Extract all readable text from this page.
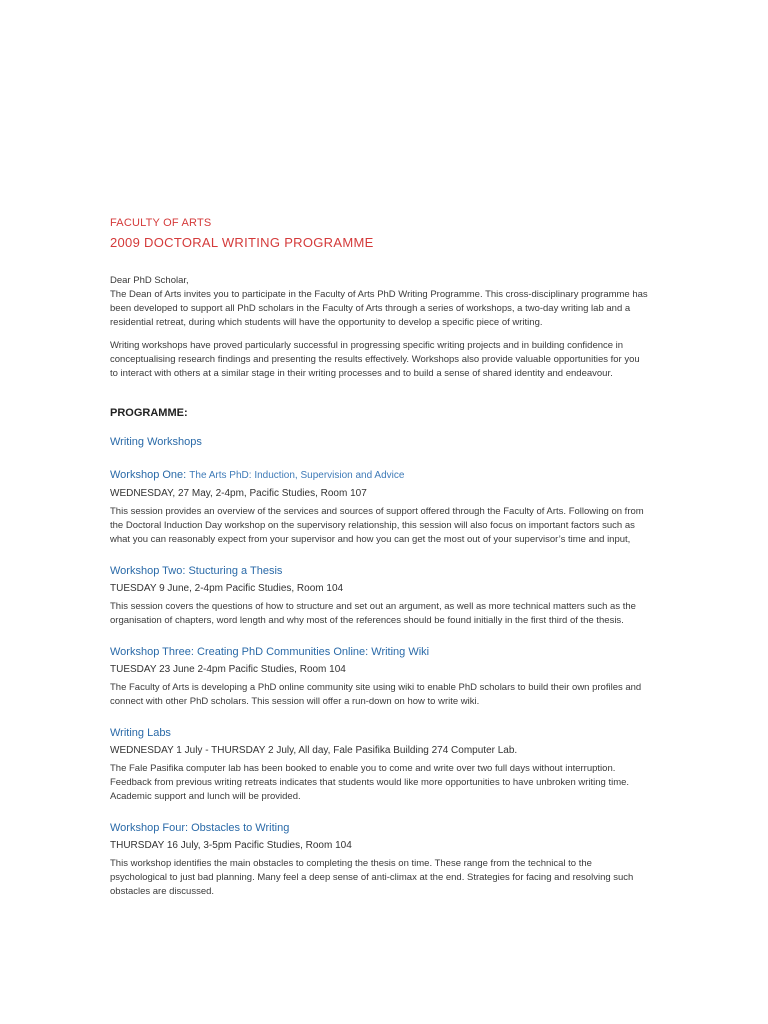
FACULTY OF ARTS

2009 DOCTORAL WRITING PROGRAMME

Dear PhD Scholar,

The Dean of Arts invites you to participate in the Faculty of Arts PhD Writing Programme. This cross-disciplinary programme has been developed to support all PhD scholars in the Faculty of Arts through a series of workshops, a two-day writing lab and a residential retreat, during which students will have the opportunity to develop a specific piece of writing.

Writing workshops have proved particularly successful in progressing specific writing projects and in building confidence in conceptualising research findings and presenting the results effectively. Workshops also provide valuable opportunities for you to interact with others at a similar stage in their writing processes and to build a sense of shared identity and endeavour.

PROGRAMME:

Writing Workshops

Workshop One: The Arts PhD: Induction, Supervision and Advice

WEDNESDAY, 27 May, 2-4pm, Pacific Studies, Room 107

This session provides an overview of the services and sources of support offered through the Faculty of Arts. Following on from the Doctoral Induction Day workshop on the supervisory relationship, this session will also focus on important factors such as what you can reasonably expect from your supervisor and how you can get the most out of your supervisor’s time and input,

Workshop Two: Stucturing a Thesis

TUESDAY 9 June, 2-4pm Pacific Studies, Room 104

This session covers the questions of how to structure and set out an argument, as well as more technical matters such as the organisation of chapters, word length and why most of the references should be found initially in the first third of the thesis.

Workshop Three: Creating PhD Communities Online: Writing Wiki

TUESDAY 23 June 2-4pm Pacific Studies, Room 104

The Faculty of Arts is developing a PhD online community site using wiki to enable PhD scholars to build their own profiles and connect with other PhD scholars. This session will offer a run-down on how to write wiki.

Writing Labs

WEDNESDAY 1 July - THURSDAY 2 July, All day, Fale Pasifika Building 274 Computer Lab.

The Fale Pasifika computer lab has been booked to enable you to come and write over two full days without interruption. Feedback from previous writing retreats indicates that students would like more opportunities to have unbroken writing time. Academic support and lunch will be provided.

Workshop Four: Obstacles to Writing

THURSDAY 16 July, 3-5pm Pacific Studies, Room 104

This workshop identifies the main obstacles to completing the thesis on time. These range from the technical to the psychological to just bad planning. Many feel a deep sense of anti-climax at the end. Strategies for facing and resolving such obstacles are discussed.
